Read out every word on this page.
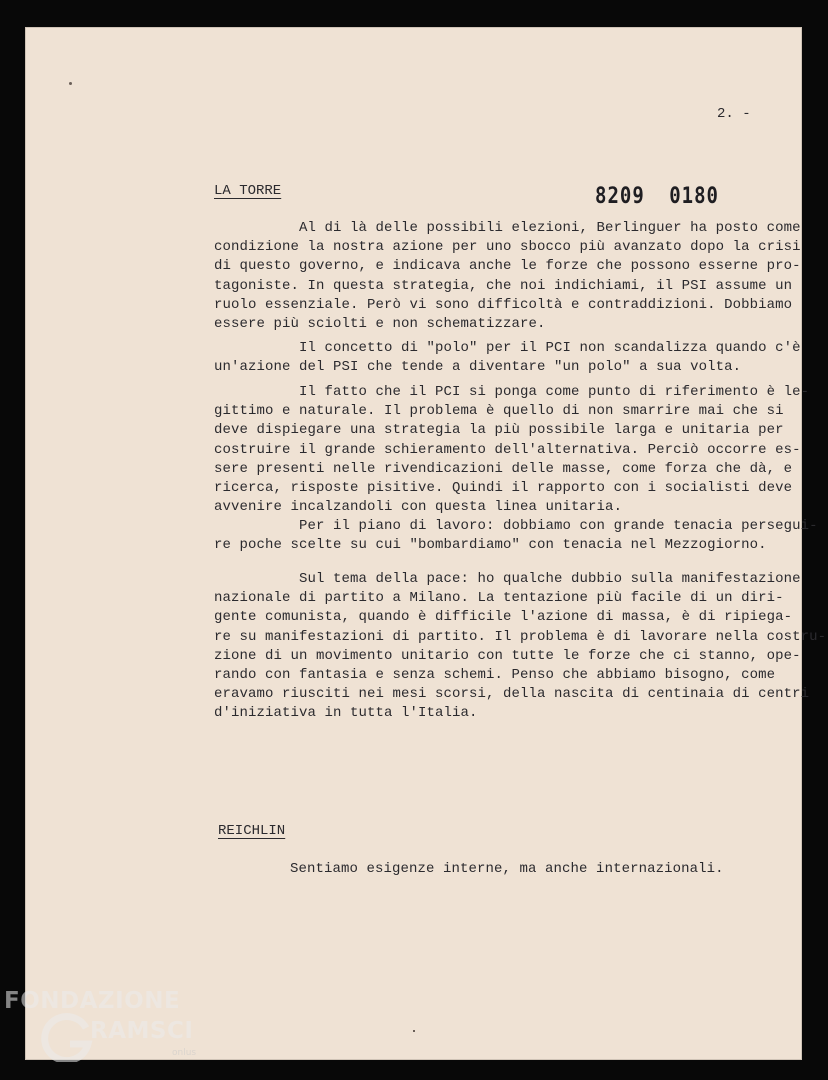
2. -
8209 0180
LA TORRE
Al di là delle possibili elezioni, Berlinguer ha posto come
condizione la nostra azione per uno sbocco più avanzato dopo la crisi
di questo governo, e indicava anche le forze che possono esserne pro-
tagoniste. In questa strategia, che noi indichiami, il PSI assume un
ruolo essenziale. Però vi sono difficoltà e contraddizioni. Dobbiamo
essere più sciolti e non schematizzare.
Il concetto di "polo" per il PCI non scandalizza quando c'è
un'azione del PSI che tende a diventare "un polo" a sua volta.
Il fatto che il PCI si ponga come punto di riferimento è le-
gittimo e naturale. Il problema è quello di non smarrire mai che si
deve dispiegare una strategia la più possibile larga e unitaria per
costruire il grande schieramento dell'alternativa. Perciò occorre es-
sere presenti nelle rivendicazioni delle masse, come forza che dà, e
ricerca, risposte pisitive. Quindi il rapporto con i socialisti deve
avvenire incalzandoli con questa linea unitaria.
Per il piano di lavoro: dobbiamo con grande tenacia persegui-
re poche scelte su cui "bombardiamo" con tenacia nel Mezzogiorno.
Sul tema della pace: ho qualche dubbio sulla manifestazione
nazionale di partito a Milano. La tentazione più facile di un diri-
gente comunista, quando è difficile l'azione di massa, è di ripiega-
re su manifestazioni di partito. Il problema è di lavorare nella costru-
zione di un movimento unitario con tutte le forze che ci stanno, ope-
rando con fantasia e senza schemi. Penso che abbiamo bisogno, come
eravamo riusciti nei mesi scorsi, della nascita di centinaia di centri
d'iniziativa in tutta l'Italia.
REICHLIN
Sentiamo esigenze interne, ma anche internazionali.
FONDAZIONE
RAMSCI
onlus
